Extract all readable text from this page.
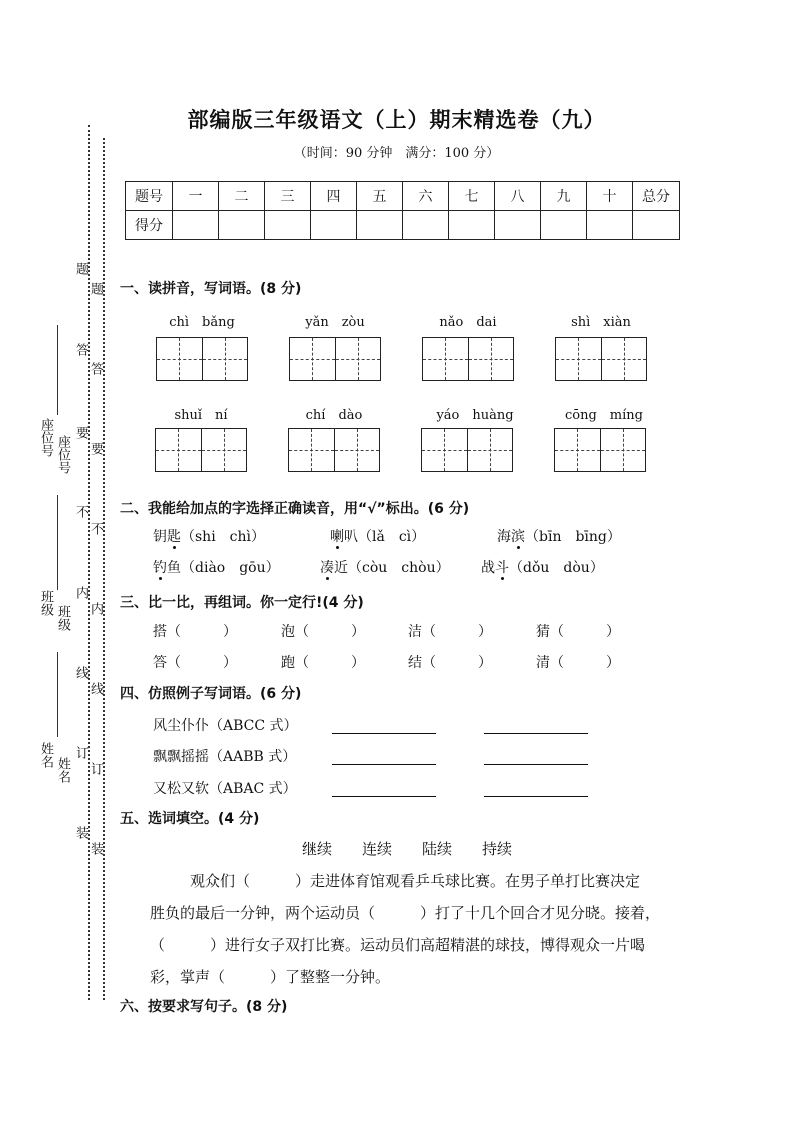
题
题
答
答
要
要
不
不
内
内
线
线
订
订
装
装
座位号 座位号
班级
班级
姓名
姓名
部编版三年级语文（上）期末精选卷（九）
（时间：90 分钟　满分：100 分）
题号	一	二	三	四	五	六	七	八	九	十	总分
得分											
一、读拼音，写词语。(8 分)
chì　bǎng	yǎn　zòu	nǎo　dai	shì　xiàn
shuǐ　ní	chí　dào	yáo　huàng	cōng　míng
二、我能给加点的字选择正确读音，用“√”标出。(6 分)
钥匙（shi　chì）	喇叭（lǎ　cì）	海滨（bīn　bīng）
钓鱼（diào　gōu）	凑近（còu　chòu） 战斗（dǒu　dòu）
三、比一比，再组词。你一定行!(4 分)
搭（　　　）	泡（　　　）	洁（　　　）	猜（　　　）
答（　　　）	跑（　　　）	结（　　　）	清（　　　）
四、仿照例子写词语。(6 分)
风尘仆仆（ABCC 式）
飘飘摇摇（AABB 式）
又松又软（ABAC 式）
五、选词填空。(4 分)
继续 连续 陆续 持续
观众们（　　　）走进体育馆观看乒乓球比赛。在男子单打比赛决定
胜负的最后一分钟，两个运动员（　　　）打了十几个回合才见分晓。接着，
（　　　）进行女子双打比赛。运动员们高超精湛的球技，博得观众一片喝
彩，掌声（　　　）了整整一分钟。
六、按要求写句子。(8 分)
